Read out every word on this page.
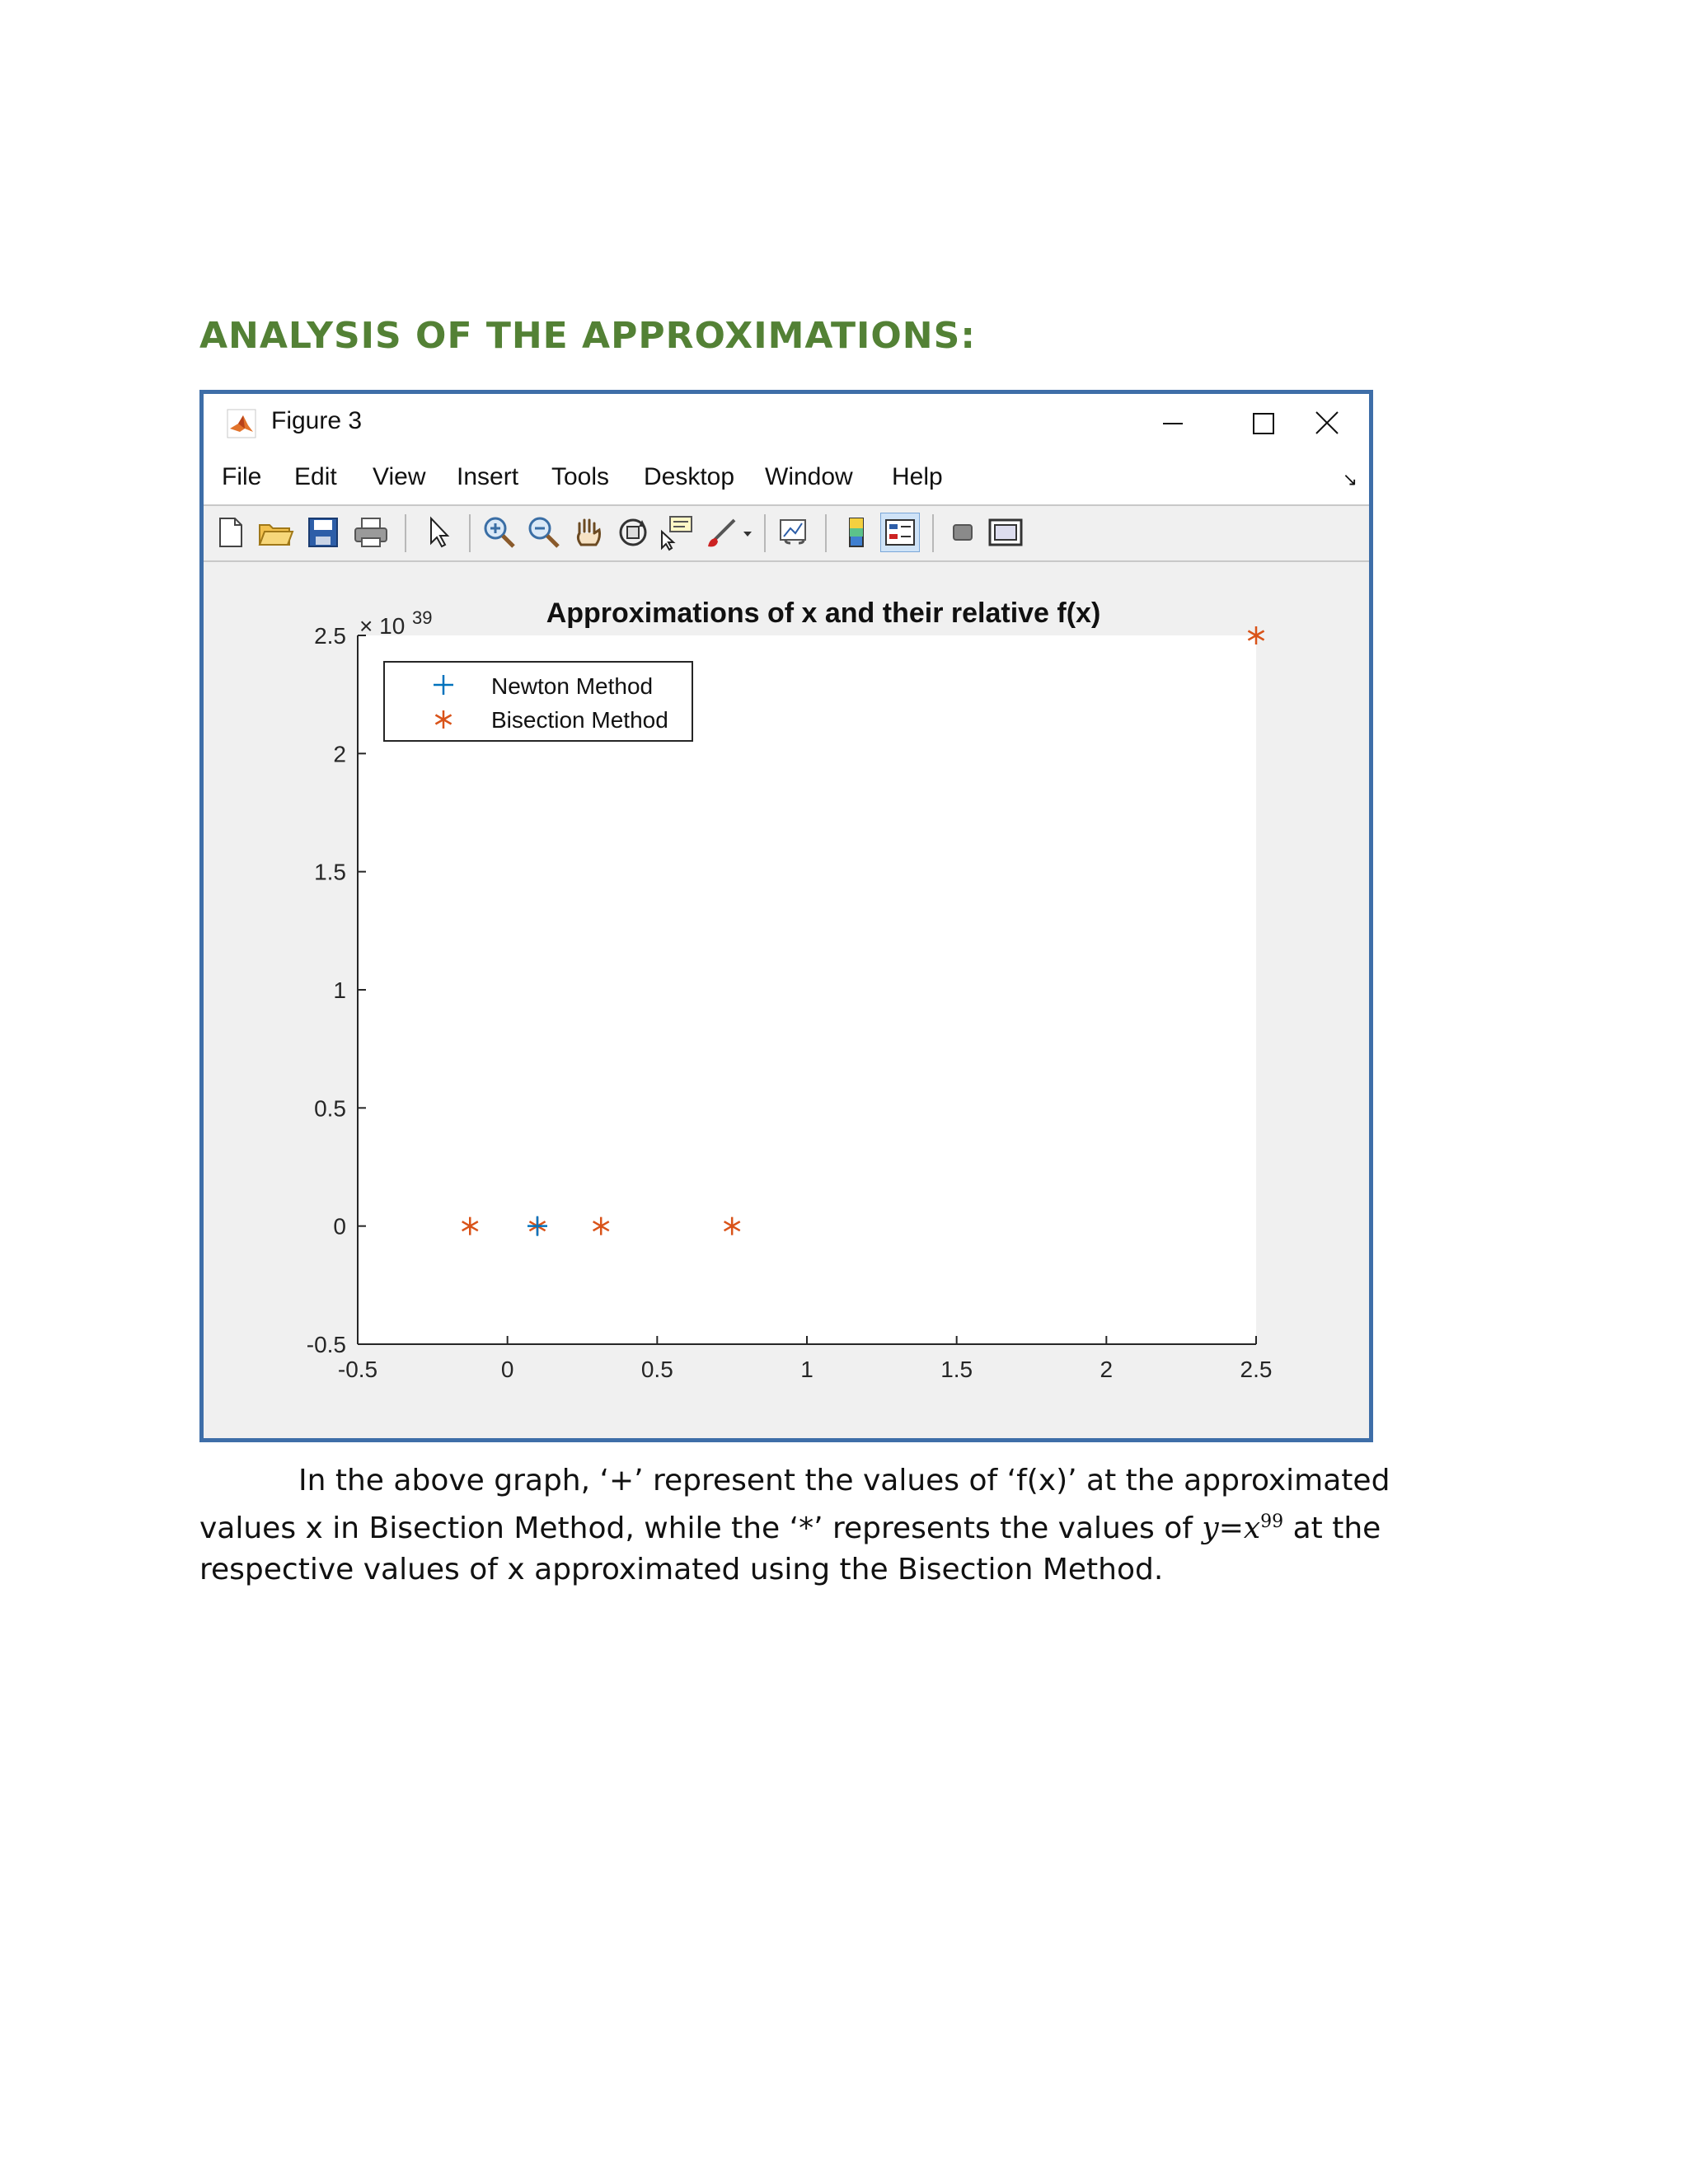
ANALYSIS OF THE APPROXIMATIONS:
Figure 3
File Edit View Insert Tools Desktop Window Help	↘
-0.5	0	0.5	1	1.5	2	2.5
-0.5
0
0.5
1
1.5
2
2.5 × 10 39	Approximations of x and their relative f(x)
Newton Method
Bisection Method

In the above graph, ‘+’ represent the values of ‘f(x)’ at the approximated values x in Bisection Method, while the ‘*’ represents the values of $y=x^{99}$ at the respective values of x approximated using the Bisection Method.
